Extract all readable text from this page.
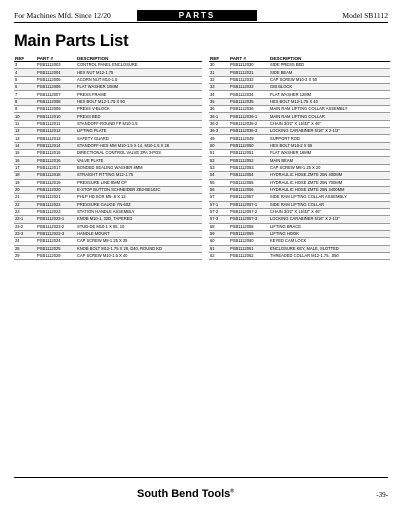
For Machines Mfd. Since 12/20	PARTS	Model SB1112
Main Parts List
REF	PART #	DESCRIPTION
3	PSB1112003	CONTROL PANEL ENCLOSURE
4	PSB1112004	HEX NUT M12-1.75
5	PSB1112005	ACORN NUT M10-1.5
6	PSB1112006	FLAT WASHER 10MM
7	PSB1112007	PRESS FRAME
8	PSB1112008	HEX BOLT M12-1.75 X 90
9	PSB1112009	PRESS V-BLOCK
10	PSB1112010	PRESS BED
11	PSB1112011	STANDOFF-ROUND FP M10-1.5
12	PSB1112012	LIFTING PLATE
13	PSB1112013	SAFETY GUARD
14	PSB1112014	STANDOFF-HEX MM M10-1.5 X 14, M10-1.5 X 28
15	PSB1112015	DIRECTIONAL CONTROL VALVE 3PA 3-POS
16	PSB1112016	VALVE PLATE
17	PSB1112017	BONDED SEALING WASHER 8MM
18	PSB1112018	STRAIGHT FITTING M12-1.75
19	PSB1112019	PRESSURE LINE 8MM CP
20	PSB1112020	E-STOP BUTTON SCHNEIDER ZB2-BE102C
21	PSB1112021	PHLP HD SCR M5-.8 X 12
22	PSB1112022	PRESSURE GAUGE YN-60Z
23	PSB1112023	STATION HANDLE ASSEMBLY
23-1	PSB1112023-1	KNOB M10-1, 32D, TAPERED
23-2	PSB1112023-2	STUD-DE M10-1 X 85, 10
23-3	PSB1112023-3	HANDLE MOUNT
24	PSB1112024	CAP SCREW M8-1.25 X 35
25	PSB1112025	KNOB BOLT M12-1.75 X 28, D40, ROUND KD
29	PSB1112029	CAP SCREW M10-1.5 X 40
REF	PART #	DESCRIPTION
30	PSB1112030	SIDE PRESS BED
31	PSB1112031	SIDE BEAM
32	PSB1112032	CAP SCREW M10-2 X 50
33	PSB1112033	GIB BLOCK
34	PSB1112034	FLAT WASHER 12MM
35	PSB1112035	HEX BOLT M12-1.75 X 40
36	PSB1112036	MAIN RAM LIFTING COLLAR ASSEMBLY
36-1	PSB1112036-1	MAIN RAM LIFTING COLLAR
36-2	PSB1112036-2	CHAIN 3/32" X 15/32" X 46"
36-3	PSB1112036-3	LOCKING CARABINER 5/16" X 2-1/2"
49	PSB1112049	SUPPORT ROD
50	PSB1112050	HEX BOLT M10-2 X 55
51	PSB1112051	FLAT WASHER 16MM
52	PSB1112052	MAIN BEAM
53	PSB1112053	CAP SCREW M8-1.25 X 20
54	PSB1112054	HYDRAULIC HOSE ZMTE 25N 400MM
55	PSB1112055	HYDRAULIC HOSE ZMTE 25N 700MM
56	PSB1112056	HYDRAULIC HOSE ZMTE 25N 3400MM
57	PSB1112057	SIDE RAM LIFTING COLLAR ASSEMBLY
57-1	PSB1112057-1	SIDE RAM LIFTING COLLAR
57-2	PSB1112057-2	CHAIN 3/32" X 15/32" X 46"
57-3	PSB1112057-3	LOCKING CARABINER 5/16" X 2-1/2"
58	PSB1112058	LIFTING BRACE
59	PSB1112059	LIFTING HOOK
60	PSB1112060	KEYED CAM LOCK
61	PSB1112061	ENCLOSURE KEY, MALE, SLOTTED
62	PSB1112062	THREADED COLLAR M12-1.75, .050
South Bend Tools®	-39-
